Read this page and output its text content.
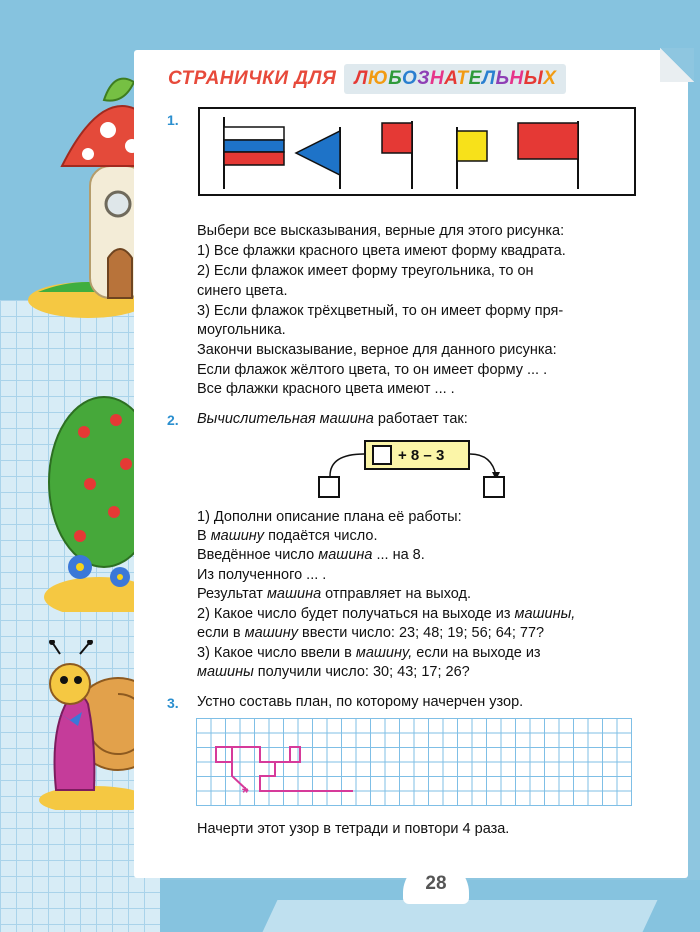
СТРАНИЧКИ ДЛЯ ЛЮБОЗНАТЕЛЬНЫХ
1.
Выбери все высказывания, верные для этого рисунка:
1) Все флажки красного цвета имеют форму квадрата.
2) Если флажок имеет форму треугольника, то он
синего цвета.
3) Если флажок трёхцветный, то он имеет форму пря-
моугольника.
Закончи высказывание, верное для данного рисунка:
Если флажок жёлтого цвета, то он имеет форму ... .
Все флажки красного цвета имеют ... .
2. Вычислительная машина работает так:
+ 8 – 3
1) Дополни описание плана её работы:
В машину подаётся число.
Введённое число машина ... на 8.
Из полученного ... .
Результат машина отправляет на выход.
2) Какое число будет получаться на выходе из машины,
если в машину ввести число: 23; 48; 19; 56; 64; 77?
3) Какое число ввели в машину, если на выходе из
машины получили число: 30; 43; 17; 26?
3. Устно составь план, по которому начерчен узор.
*
Начерти этот узор в тетради и повтори 4 раза.
28
